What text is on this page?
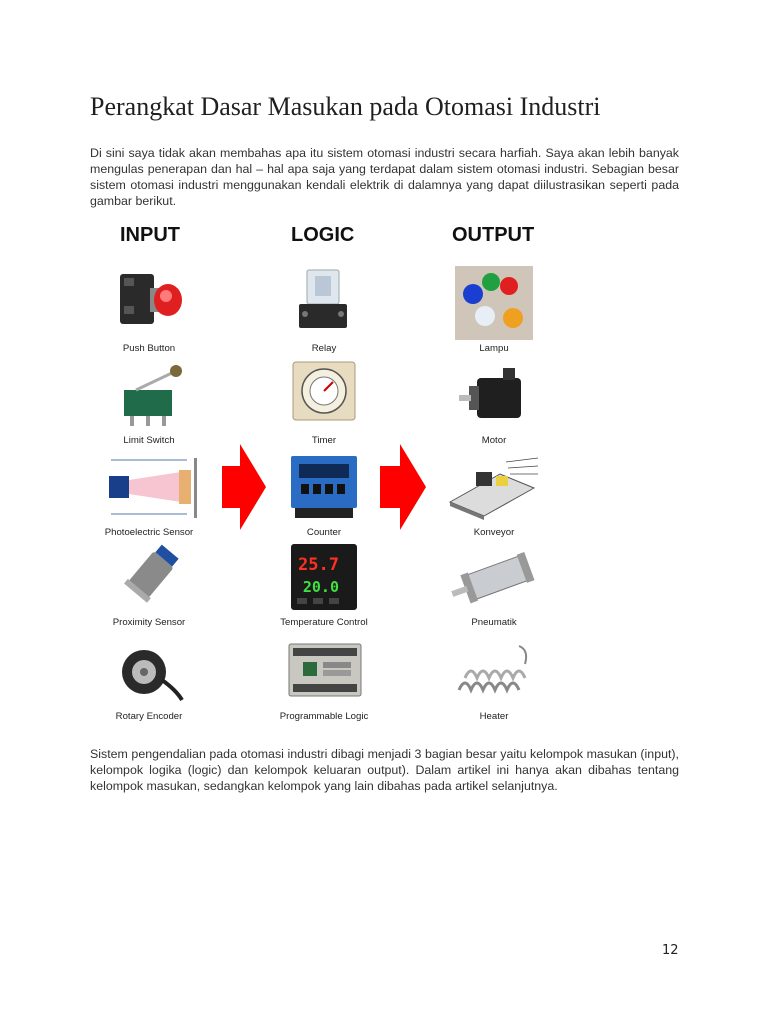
Perangkat Dasar Masukan pada Otomasi Industri
Di sini saya tidak akan membahas apa itu sistem otomasi industri secara harfiah. Saya akan lebih banyak mengulas penerapan dan hal – hal apa saja yang terdapat dalam sistem otomasi industri. Sebagian besar sistem otomasi industri menggunakan kendali elektrik di dalamnya yang dapat diilustrasikan seperti pada gambar berikut.
INPUT	LOGIC	OUTPUT
Push Button
Limit Switch
Photoelectric Sensor
Proximity Sensor
Rotary Encoder
Relay
Timer
Counter
25.7
20.0
Temperature Control
Programmable Logic
Lampu
Motor
Konveyor
Pneumatik
Heater
Sistem pengendalian pada otomasi industri dibagi menjadi 3 bagian besar yaitu kelompok masukan (input), kelompok logika (logic) dan kelompok keluaran output). Dalam artikel ini hanya akan dibahas tentang kelompok masukan, sedangkan kelompok yang lain dibahas pada artikel selanjutnya.
12
